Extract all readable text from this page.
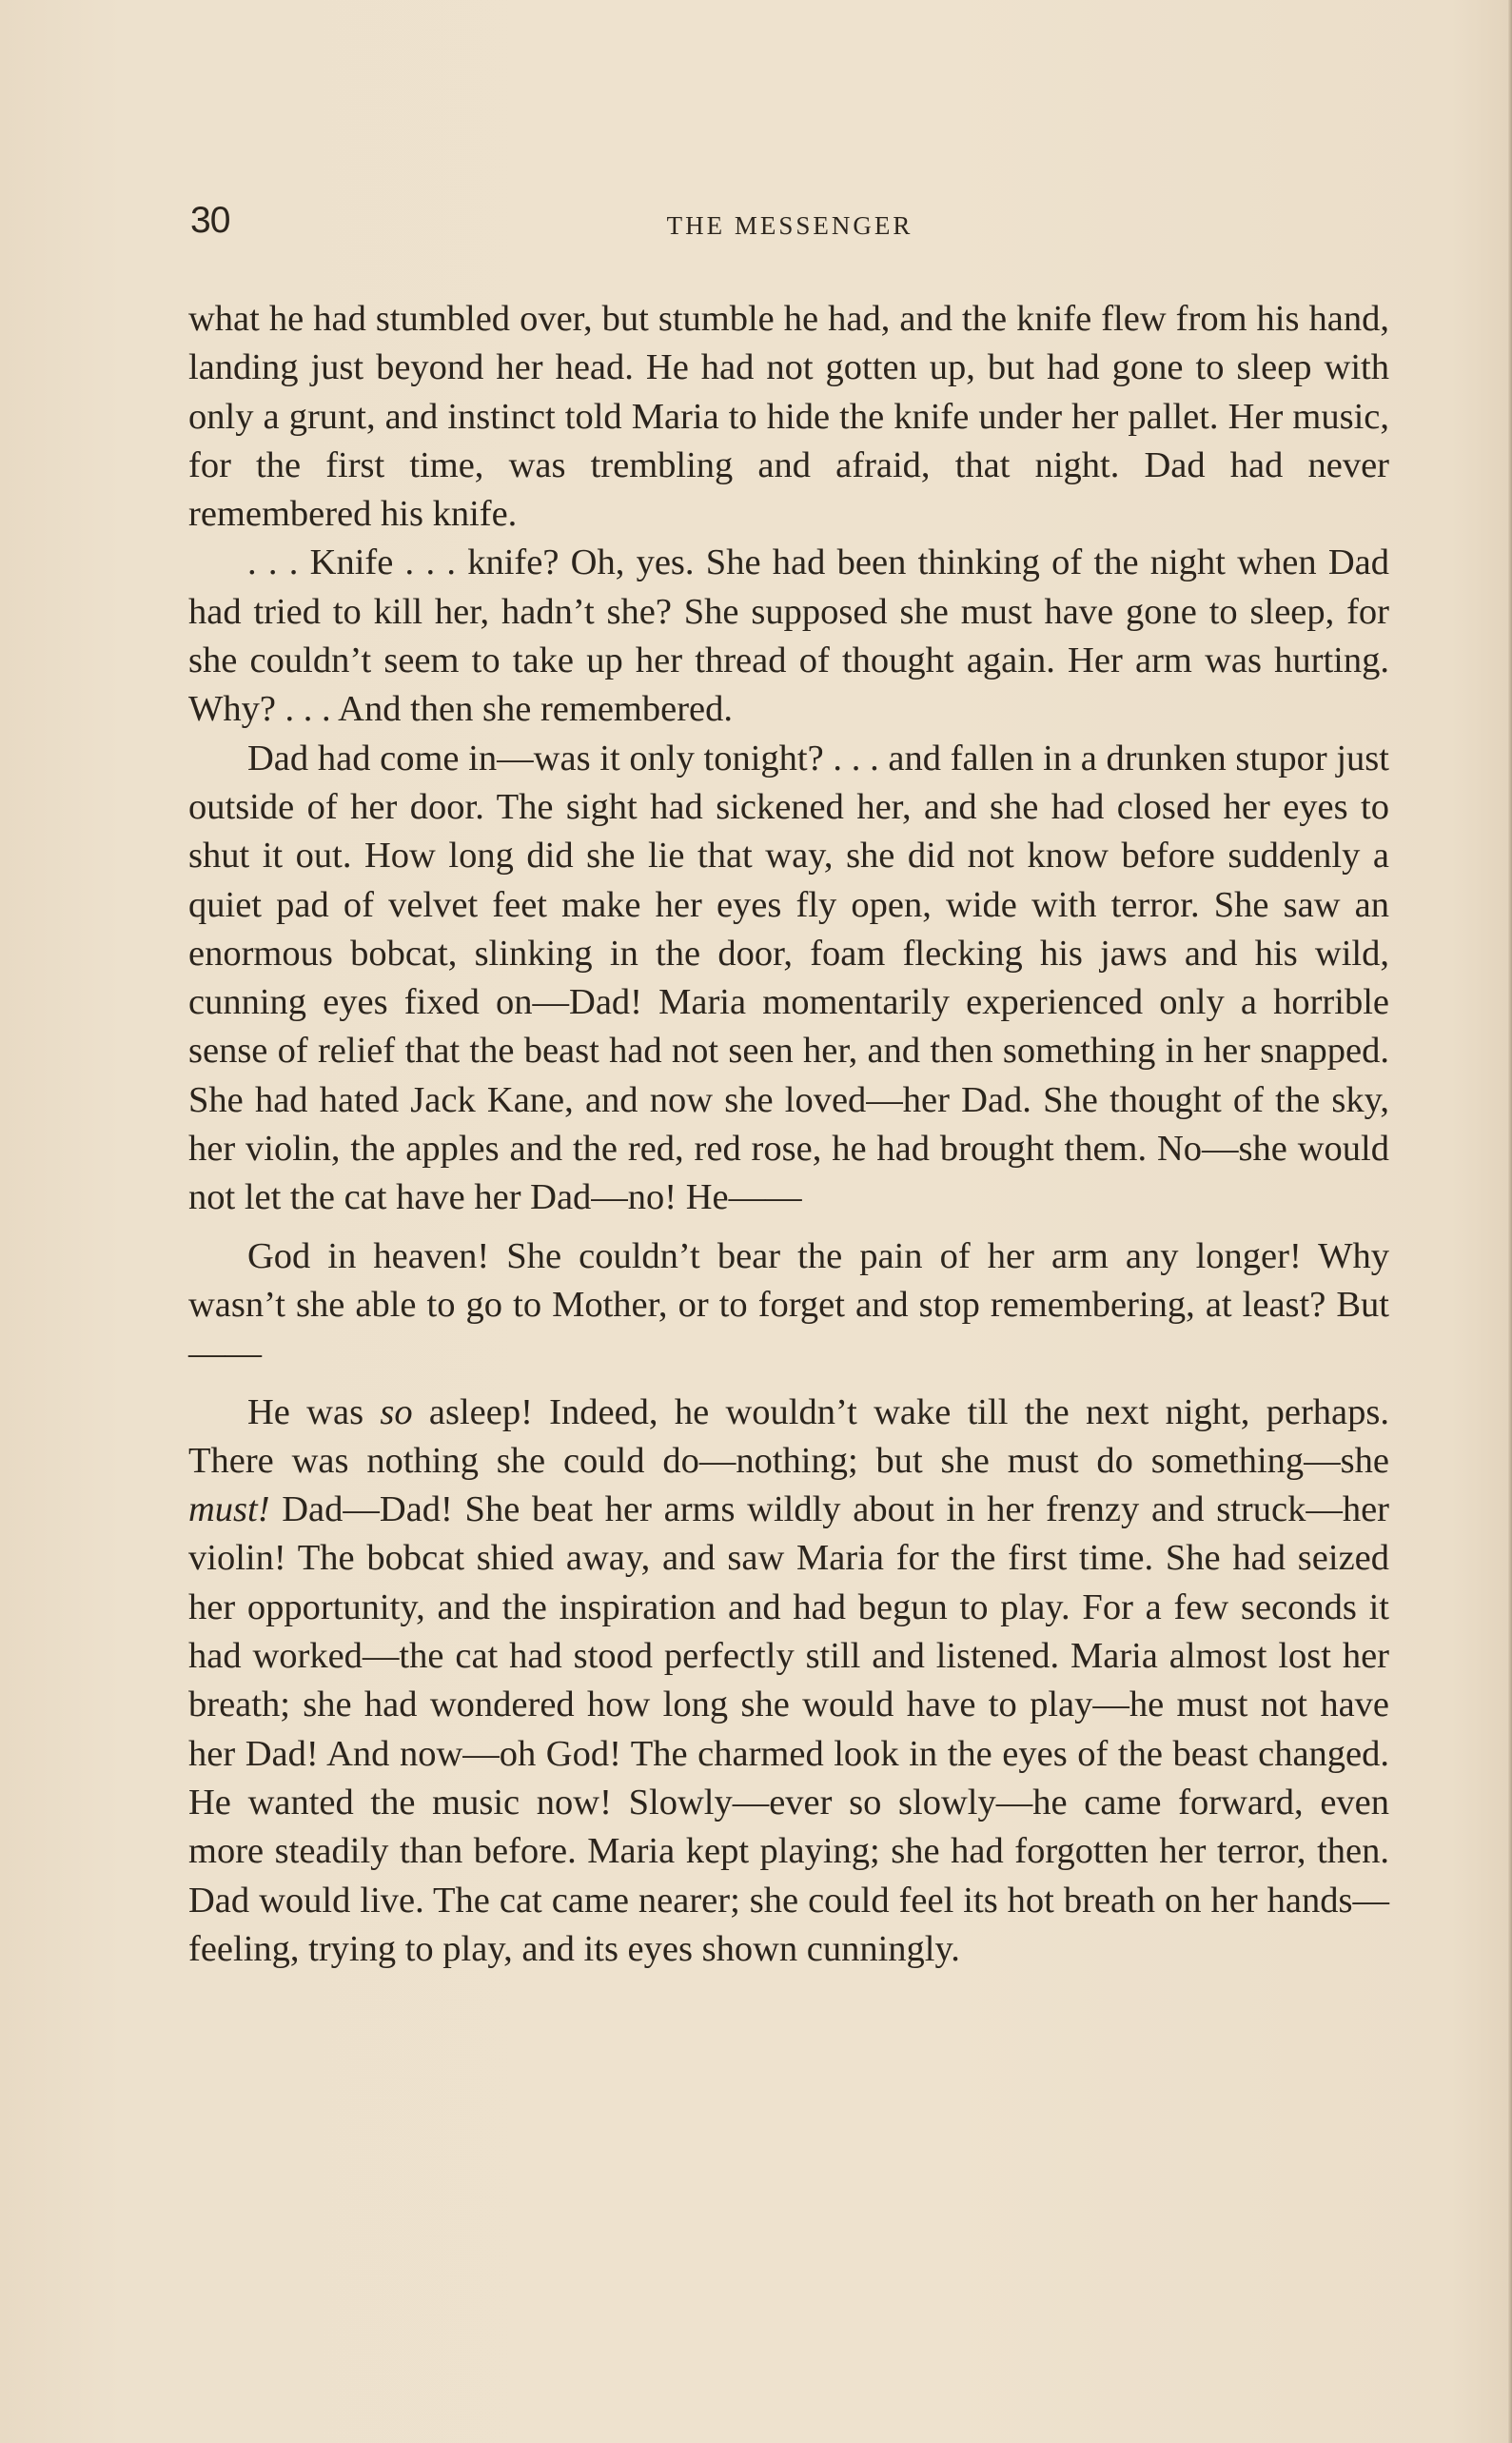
30	THE MESSENGER

what he had stumbled over, but stumble he had, and the knife flew from his hand, landing just beyond her head. He had not gotten up, but had gone to sleep with only a grunt, and instinct told Maria to hide the knife under her pallet. Her music, for the first time, was trembling and afraid, that night. Dad had never remembered his knife.

. . . Knife . . . knife? Oh, yes. She had been thinking of the night when Dad had tried to kill her, hadn’t she? She supposed she must have gone to sleep, for she couldn’t seem to take up her thread of thought again. Her arm was hurting. Why? . . . And then she remembered.

Dad had come in—was it only tonight? . . . and fallen in a drunken stupor just outside of her door. The sight had sickened her, and she had closed her eyes to shut it out. How long did she lie that way, she did not know before suddenly a quiet pad of velvet feet make her eyes fly open, wide with terror. She saw an enormous bobcat, slinking in the door, foam flecking his jaws and his wild, cunning eyes fixed on—Dad! Maria momentarily experienced only a horrible sense of relief that the beast had not seen her, and then something in her snapped. She had hated Jack Kane, and now she loved—her Dad. She thought of the sky, her violin, the apples and the red, red rose, he had brought them. No—she would not let the cat have her Dad—no! He——

God in heaven! She couldn’t bear the pain of her arm any longer! Why wasn’t she able to go to Mother, or to forget and stop remembering, at least? But——

He was so asleep! Indeed, he wouldn’t wake till the next night, perhaps. There was nothing she could do—nothing; but she must do something—she must! Dad—Dad! She beat her arms wildly about in her frenzy and struck—her violin! The bobcat shied away, and saw Maria for the first time. She had seized her opportunity, and the inspiration and had begun to play. For a few seconds it had worked—the cat had stood perfectly still and listened. Maria almost lost her breath; she had wondered how long she would have to play—he must not have her Dad! And now—oh God! The charmed look in the eyes of the beast changed. He wanted the music now! Slowly—ever so slowly—he came forward, even more steadily than before. Maria kept playing; she had forgotten her terror, then. Dad would live. The cat came nearer; she could feel its hot breath on her hands—feeling, trying to play, and its eyes shown cunningly.
